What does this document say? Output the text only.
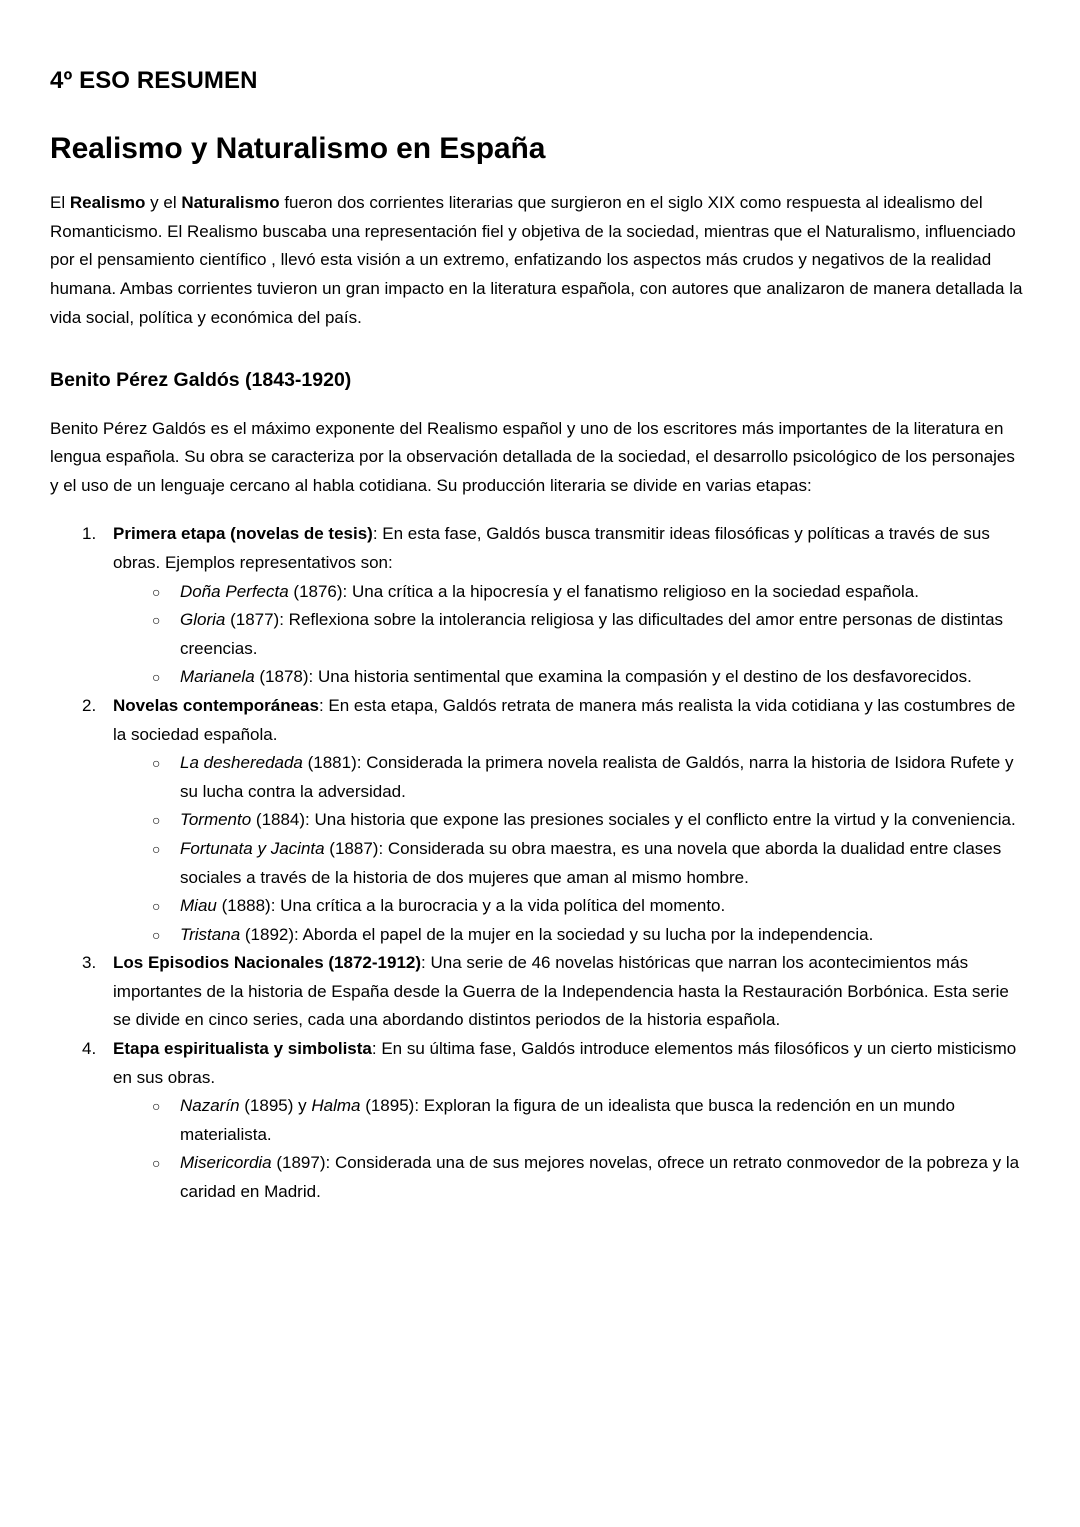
4º ESO RESUMEN
Realismo y Naturalismo en España

El Realismo y el Naturalismo fueron dos corrientes literarias que surgieron en el siglo XIX como respuesta al idealismo del Romanticismo. El Realismo buscaba una representación fiel y objetiva de la sociedad, mientras que el Naturalismo, influenciado por el pensamiento científico , llevó esta visión a un extremo, enfatizando los aspectos más crudos y negativos de la realidad humana. Ambas corrientes tuvieron un gran impacto en la literatura española, con autores que analizaron de manera detallada la vida social, política y económica del país.

Benito Pérez Galdós (1843-1920)

Benito Pérez Galdós es el máximo exponente del Realismo español y uno de los escritores más importantes de la literatura en lengua española. Su obra se caracteriza por la observación detallada de la sociedad, el desarrollo psicológico de los personajes y el uso de un lenguaje cercano al habla cotidiana. Su producción literaria se divide en varias etapas:

Primera etapa (novelas de tesis): En esta fase, Galdós busca transmitir ideas filosóficas y políticas a través de sus obras. Ejemplos representativos son:
○ Doña Perfecta (1876): Una crítica a la hipocresía y el fanatismo religioso en la sociedad española.
○ Gloria (1877): Reflexiona sobre la intolerancia religiosa y las dificultades del amor entre personas de distintas creencias.
○ Marianela (1878): Una historia sentimental que examina la compasión y el destino de los desfavorecidos.
Novelas contemporáneas: En esta etapa, Galdós retrata de manera más realista la vida cotidiana y las costumbres de la sociedad española.
○ La desheredada (1881): Considerada la primera novela realista de Galdós, narra la historia de Isidora Rufete y su lucha contra la adversidad.
○ Tormento (1884): Una historia que expone las presiones sociales y el conflicto entre la virtud y la conveniencia.
○ Fortunata y Jacinta (1887): Considerada su obra maestra, es una novela que aborda la dualidad entre clases sociales a través de la historia de dos mujeres que aman al mismo hombre.
○ Miau (1888): Una crítica a la burocracia y a la vida política del momento.
○ Tristana (1892): Aborda el papel de la mujer en la sociedad y su lucha por la independencia.
Los Episodios Nacionales (1872-1912): Una serie de 46 novelas históricas que narran los acontecimientos más importantes de la historia de España desde la Guerra de la Independencia hasta la Restauración Borbónica. Esta serie se divide en cinco series, cada una abordando distintos periodos de la historia española.
Etapa espiritualista y simbolista: En su última fase, Galdós introduce elementos más filosóficos y un cierto misticismo en sus obras.
○ Nazarín (1895) y Halma (1895): Exploran la figura de un idealista que busca la redención en un mundo materialista.
○ Misericordia (1897): Considerada una de sus mejores novelas, ofrece un retrato conmovedor de la pobreza y la caridad en Madrid.
